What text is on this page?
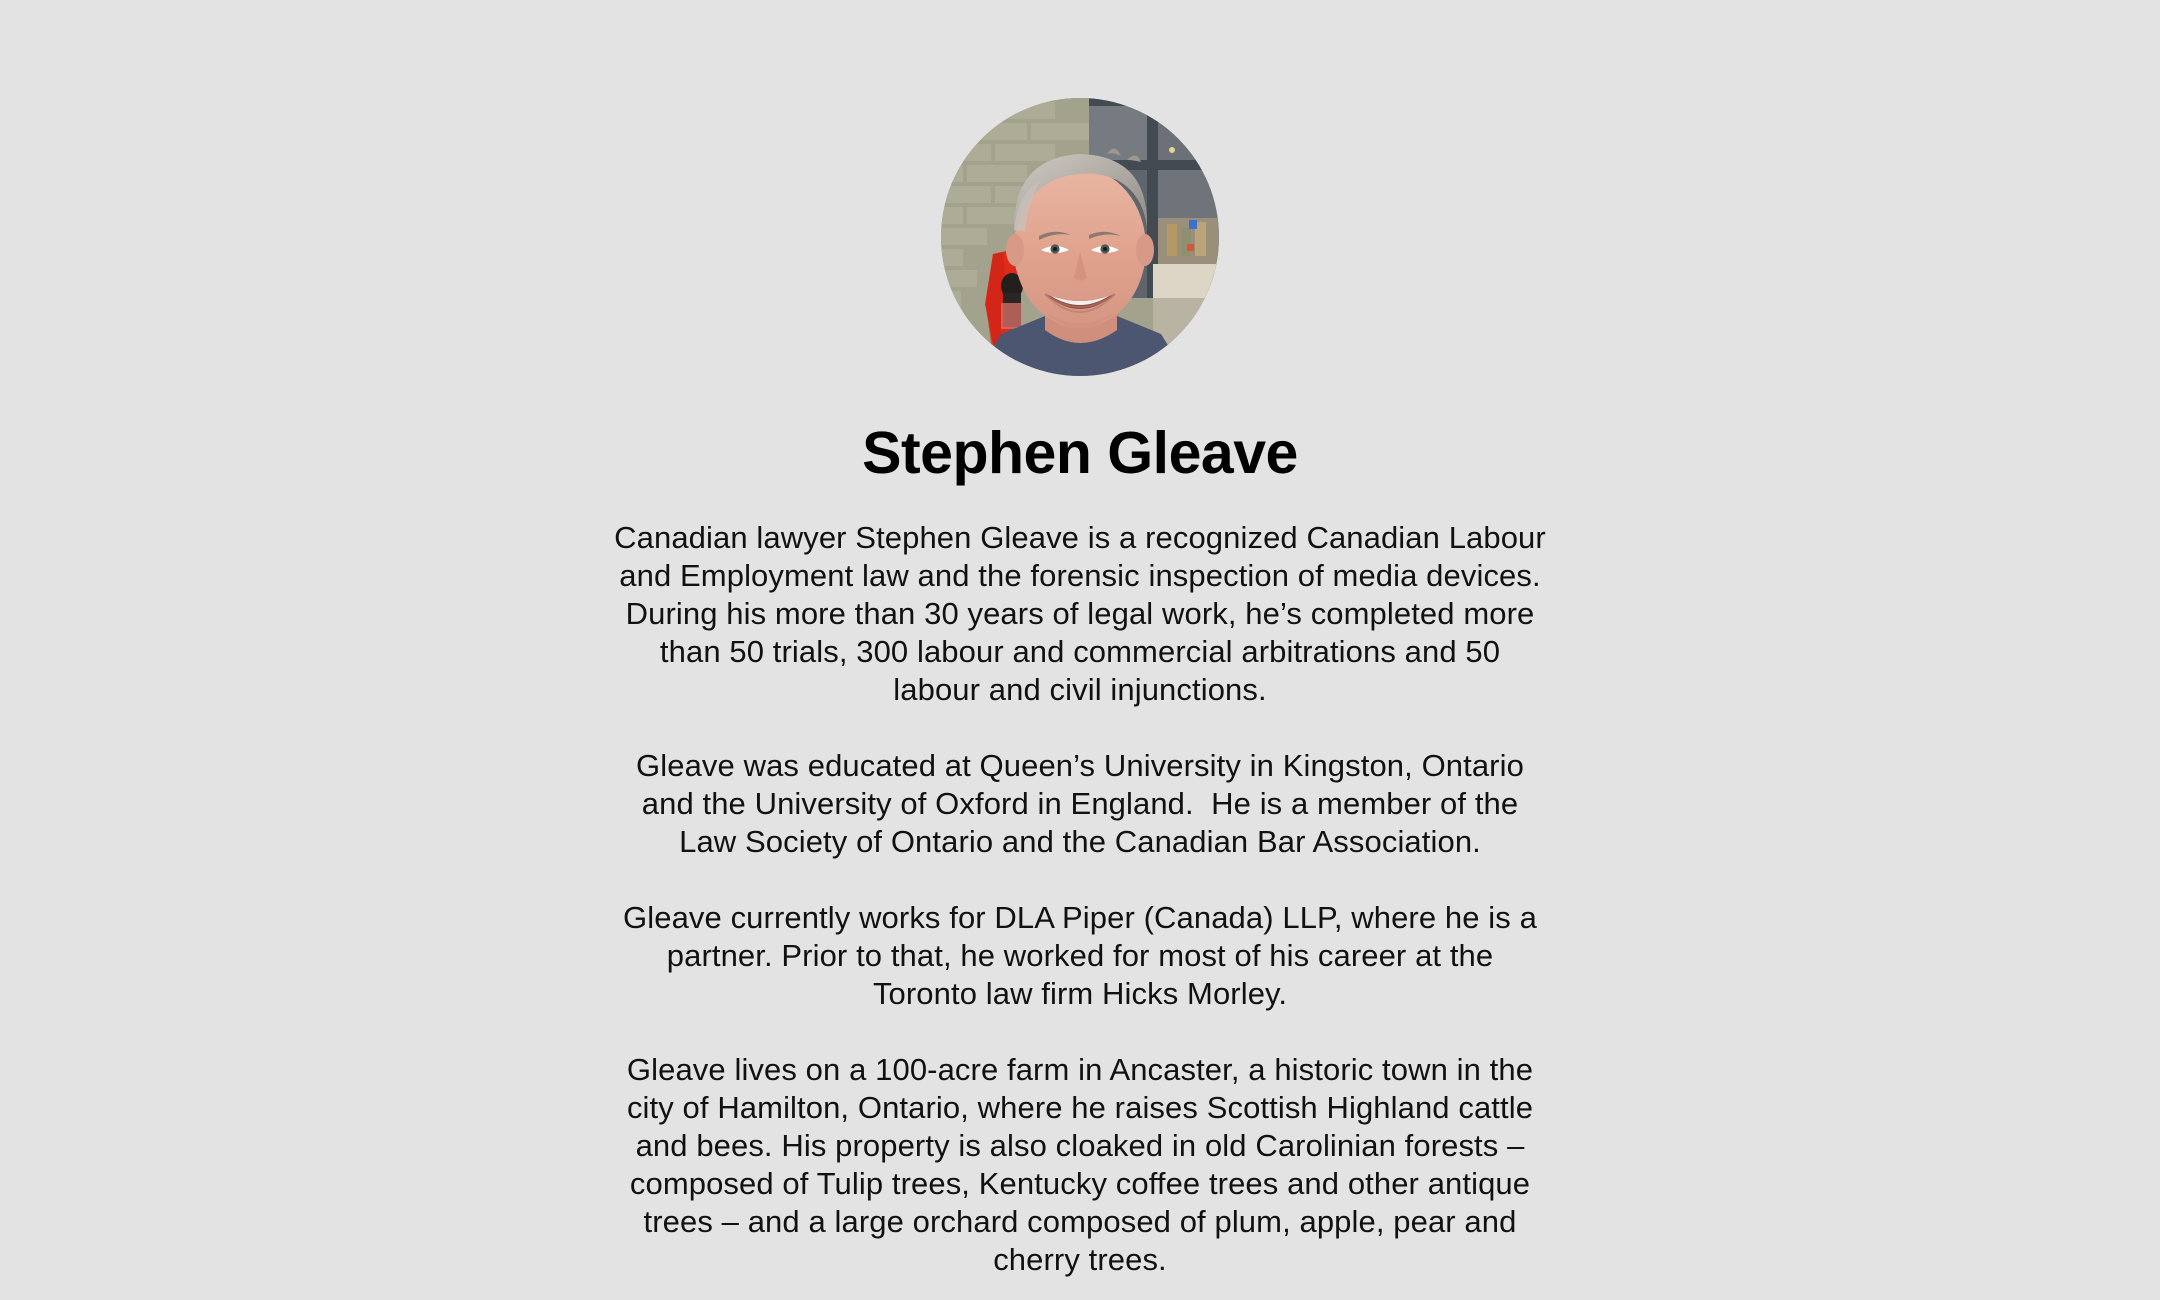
Stephen Gleave

Canadian lawyer Stephen Gleave is a recognized Canadian Labour and Employment law and the forensic inspection of media devices. During his more than 30 years of legal work, he’s completed more than 50 trials, 300 labour and commercial arbitrations and 50 labour and civil injunctions.

Gleave was educated at Queen’s University in Kingston, Ontario and the University of Oxford in England.  He is a member of the Law Society of Ontario and the Canadian Bar Association.

Gleave currently works for DLA Piper (Canada) LLP, where he is a partner. Prior to that, he worked for most of his career at the Toronto law firm Hicks Morley.

Gleave lives on a 100-acre farm in Ancaster, a historic town in the city of Hamilton, Ontario, where he raises Scottish Highland cattle and bees. His property is also cloaked in old Carolinian forests – composed of Tulip trees, Kentucky coffee trees and other antique trees – and a large orchard composed of plum, apple, pear and cherry trees.
